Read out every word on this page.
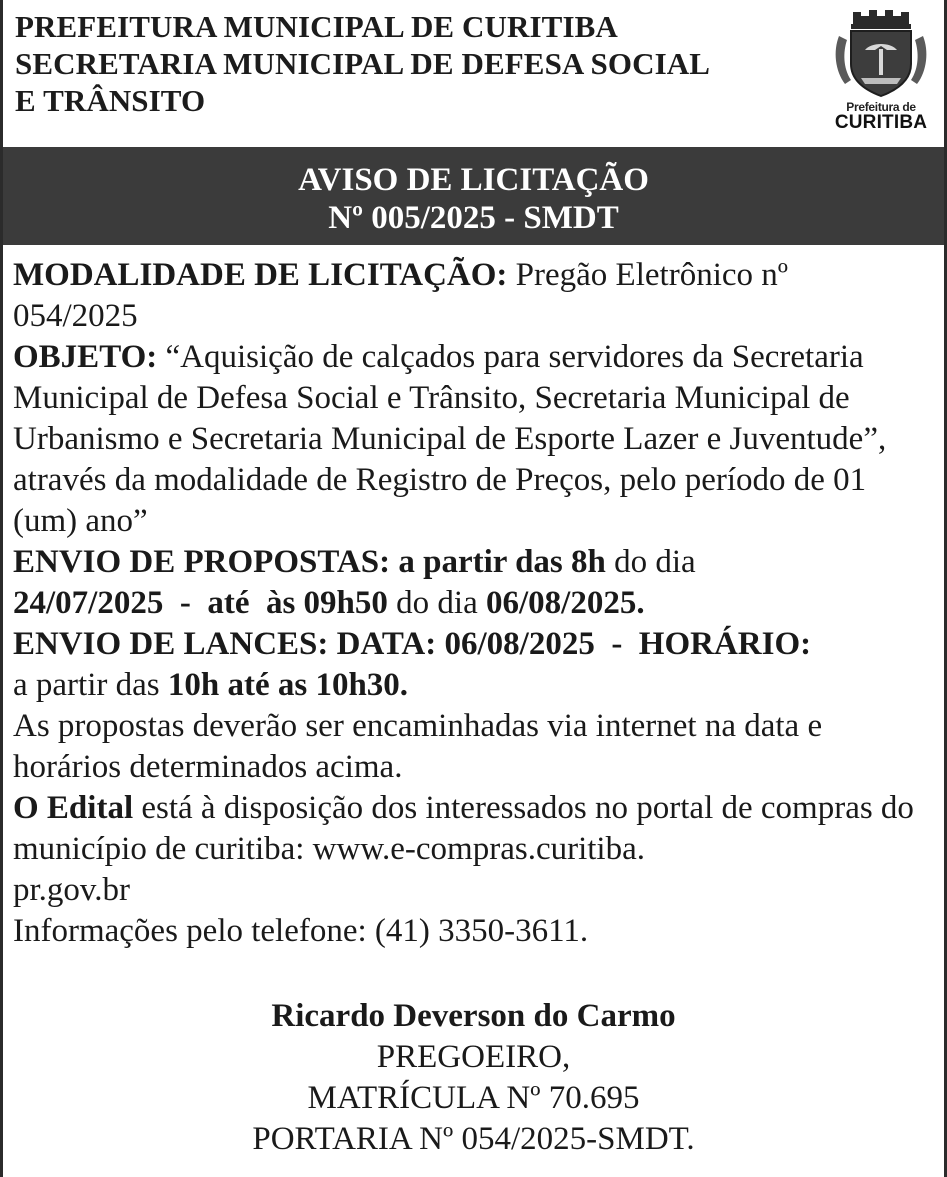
PREFEITURA MUNICIPAL DE CURITIBA
SECRETARIA MUNICIPAL DE DEFESA SOCIAL
E TRÂNSITO	Prefeitura de
CURITIBA
AVISO DE LICITAÇÃO
Nº 005/2025 - SMDT

MODALIDADE DE LICITAÇÃO: Pregão Eletrônico nº
054/2025

OBJETO: “Aquisição de calçados para servidores da Secretaria Municipal de Defesa Social e Trânsito, Secretaria Municipal de Urbanismo e Secretaria Municipal de Esporte Lazer e Juventude”, através da modalidade de Registro de Preços, pelo período de 01 (um) ano”

ENVIO DE PROPOSTAS: a partir das 8h do dia
24/07/2025  -  até  às 09h50 do dia 06/08/2025.

ENVIO DE LANCES: DATA: 06/08/2025  -  HORÁRIO:
a partir das 10h até as 10h30.

As propostas deverão ser encaminhadas via internet na data e horários determinados acima.

O Edital está à disposição dos interessados no portal de compras do município de curitiba: www.e-compras.curitiba.
pr.gov.br

Informações pelo telefone: (41) 3350-3611.

Ricardo Deverson do Carmo

PREGOEIRO,

MATRÍCULA Nº 70.695

PORTARIA Nº 054/2025-SMDT.
